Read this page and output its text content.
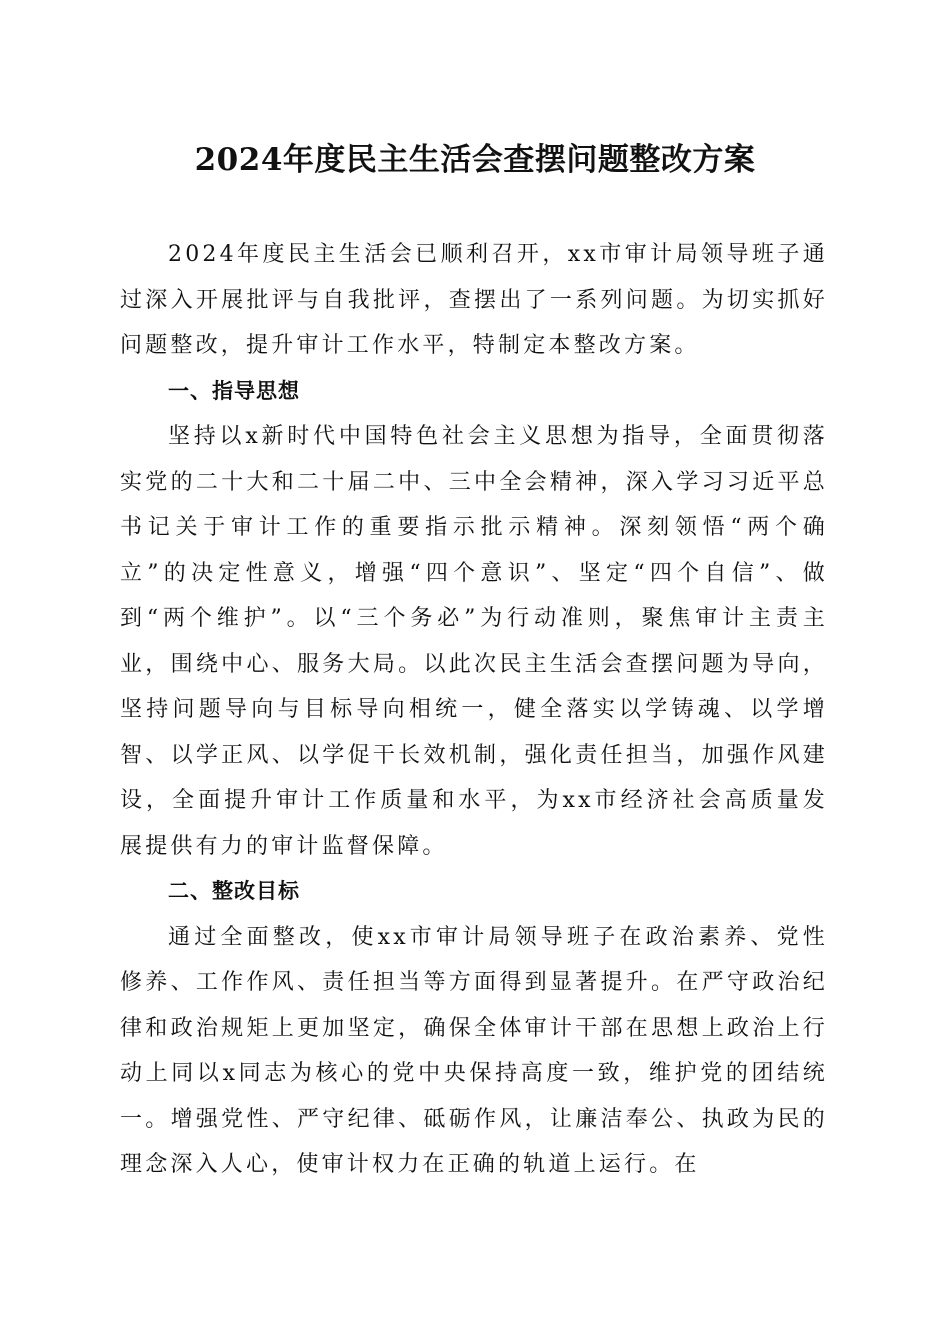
2024年度民主生活会查摆问题整改方案

2024年度民主生活会已顺利召开，xx市审计局领导班子通过深入开展批评与自我批评，查摆出了一系列问题。为切实抓好问题整改，提升审计工作水平，特制定本整改方案。

一、指导思想

坚持以x新时代中国特色社会主义思想为指导，全面贯彻落实党的二十大和二十届二中、三中全会精神，深入学习习近平总书记关于审计工作的重要指示批示精神。深刻领悟“两个确立”的决定性意义，增强“四个意识”、坚定“四个自信”、做到“两个维护”。以“三个务必”为行动准则，聚焦审计主责主业，围绕中心、服务大局。以此次民主生活会查摆问题为导向，坚持问题导向与目标导向相统一，健全落实以学铸魂、以学增智、以学正风、以学促干长效机制，强化责任担当，加强作风建设，全面提升审计工作质量和水平，为xx市经济社会高质量发展提供有力的审计监督保障。

二、整改目标

通过全面整改，使xx市审计局领导班子在政治素养、党性修养、工作作风、责任担当等方面得到显著提升。在严守政治纪律和政治规矩上更加坚定，确保全体审计干部在思想上政治上行动上同以x同志为核心的党中央保持高度一致，维护党的团结统一。增强党性、严守纪律、砥砺作风，让廉洁奉公、执政为民的理念深入人心，使审计权力在正确的轨道上运行。在
